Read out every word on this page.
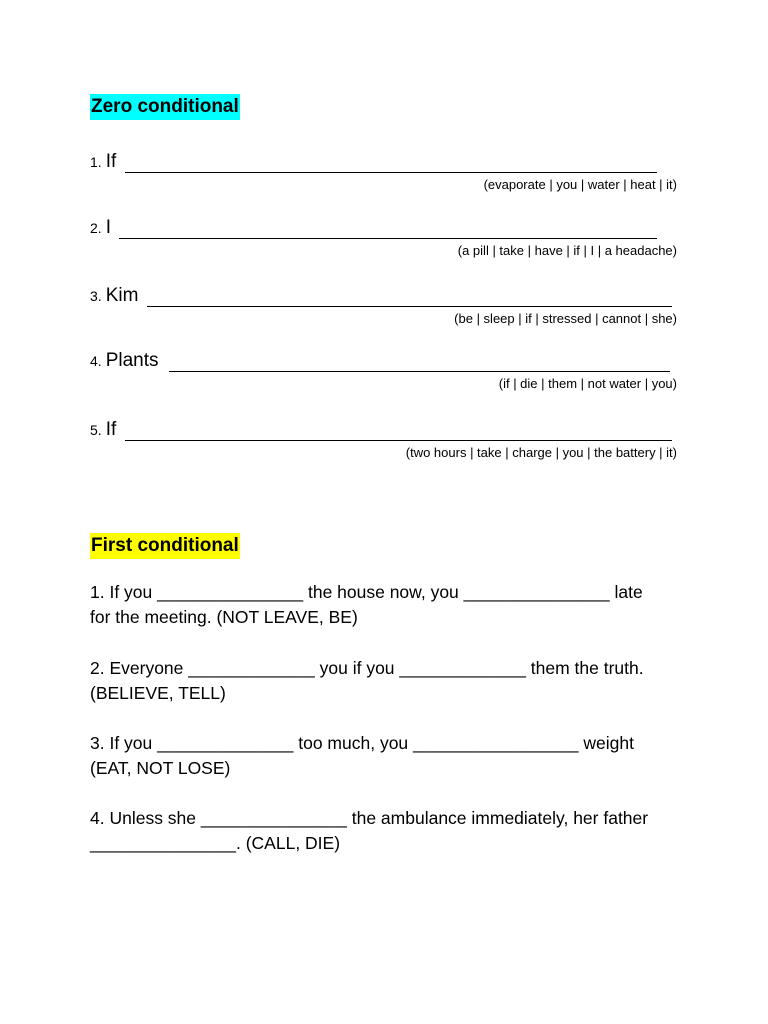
Zero conditional
1. If
(evaporate | you | water | heat | it)
2. I
(a pill | take | have | if | I | a headache)
3. Kim
(be | sleep | if | stressed | cannot | she)
4. Plants
(if | die | them | not water | you)
5. If
(two hours | take | charge | you | the battery | it)
First conditional
1. If you _______________ the house now, you _______________ late
for the meeting. (NOT LEAVE, BE)
2. Everyone _____________ you if you _____________ them the truth.
(BELIEVE, TELL)
3. If you ______________ too much, you _________________ weight
(EAT, NOT LOSE)
4. Unless she _______________ the ambulance immediately, her father
_______________. (CALL, DIE)
